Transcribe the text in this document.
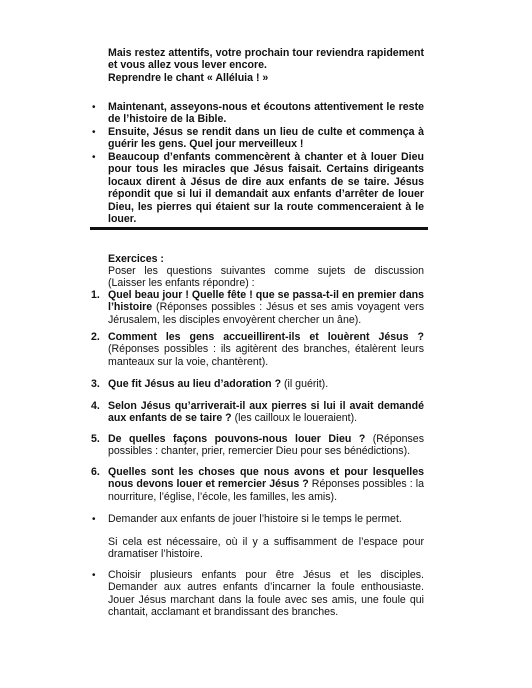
Mais restez attentifs, votre prochain tour reviendra rapidement et vous allez vous lever encore.
Reprendre le chant « Alléluia ! »
• Maintenant, asseyons-nous et écoutons attentivement le reste de l’histoire de la Bible.
• Ensuite, Jésus se rendit dans un lieu de culte et commença à guérir les gens. Quel jour merveilleux !
• Beaucoup d’enfants commencèrent à chanter et à louer Dieu pour tous les miracles que Jésus faisait. Certains dirigeants locaux dirent à Jésus de dire aux enfants de se taire. Jésus répondit que si lui il demandait aux enfants d’arrêter de louer Dieu, les pierres qui étaient sur la route commenceraient à le louer.
Exercices :
Poser les questions suivantes comme sujets de discussion (Laisser les enfants répondre) :
1. Quel beau jour ! Quelle fête ! que se passa-t-il en premier dans l’histoire (Réponses possibles : Jésus et ses amis voyagent vers Jérusalem, les disciples envoyèrent chercher un âne).
2. Comment les gens accueillirent-ils et louèrent Jésus ? (Réponses possibles : ils agitèrent des branches, étalèrent leurs manteaux sur la voie, chantèrent).
3. Que fit Jésus au lieu d’adoration ? (il guérit).
4. Selon Jésus qu’arriverait-il aux pierres si lui il avait demandé aux enfants de se taire ? (les cailloux le loueraient).
5. De quelles façons pouvons-nous louer Dieu ? (Réponses possibles : chanter, prier, remercier Dieu pour ses bénédictions).
6. Quelles sont les choses que nous avons et pour lesquelles nous devons louer et remercier Jésus ? Réponses possibles : la nourriture, l’église, l’école, les familles, les amis).
• Demander aux enfants de jouer l’histoire si le temps le permet.
Si cela est nécessaire, où il y a suffisamment de l’espace pour dramatiser l’histoire.
• Choisir plusieurs enfants pour être Jésus et les disciples. Demander aux autres enfants d’incarner la foule enthousiaste. Jouer Jésus marchant dans la foule avec ses amis, une foule qui chantait, acclamant et brandissant des branches.
